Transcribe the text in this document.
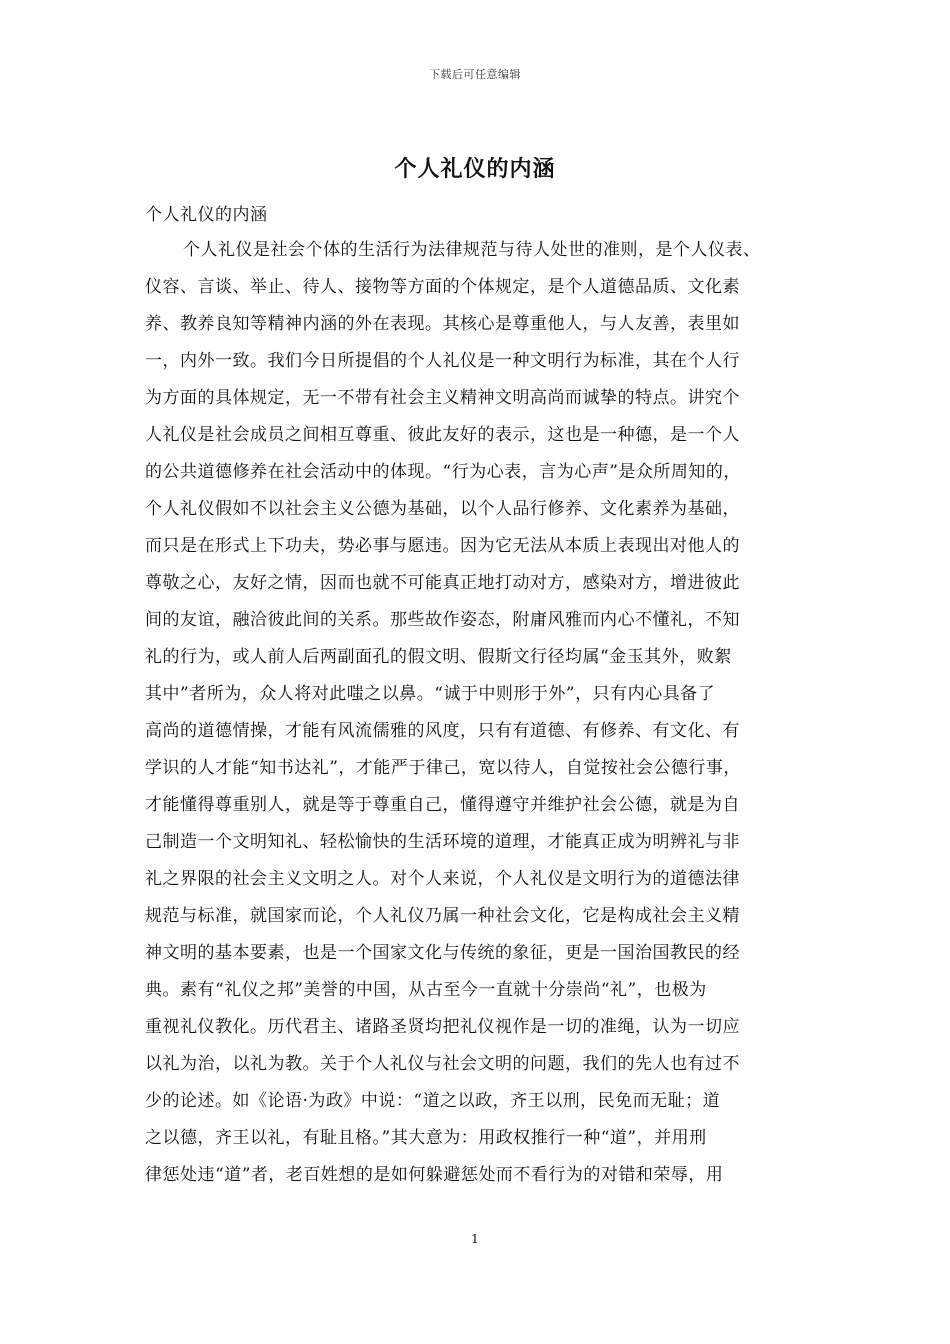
下载后可任意编辑
个人礼仪的内涵
个人礼仪的内涵
个人礼仪是社会个体的生活行为法律规范与待人处世的准则，是个人仪表、
仪容、言谈、举止、待人、接物等方面的个体规定，是个人道德品质、文化素
养、教养良知等精神内涵的外在表现。其核心是尊重他人，与人友善，表里如
一，内外一致。我们今日所提倡的个人礼仪是一种文明行为标准，其在个人行
为方面的具体规定，无一不带有社会主义精神文明高尚而诚挚的特点。讲究个
人礼仪是社会成员之间相互尊重、彼此友好的表示，这也是一种德，是一个人
的公共道德修养在社会活动中的体现。“行为心表，言为心声”是众所周知的，
个人礼仪假如不以社会主义公德为基础，以个人品行修养、文化素养为基础，
而只是在形式上下功夫，势必事与愿违。因为它无法从本质上表现出对他人的
尊敬之心，友好之情，因而也就不可能真正地打动对方，感染对方，增进彼此
间的友谊，融洽彼此间的关系。那些故作姿态，附庸风雅而内心不懂礼，不知
礼的行为，或人前人后两副面孔的假文明、假斯文行径均属“金玉其外，败絮
其中”者所为，众人将对此嗤之以鼻。“诚于中则形于外”，只有内心具备了
高尚的道德情操，才能有风流儒雅的风度，只有有道德、有修养、有文化、有
学识的人才能“知书达礼”，才能严于律己，宽以待人，自觉按社会公德行事，
才能懂得尊重别人，就是等于尊重自己，懂得遵守并维护社会公德，就是为自
己制造一个文明知礼、轻松愉快的生活环境的道理，才能真正成为明辨礼与非
礼之界限的社会主义文明之人。对个人来说，个人礼仪是文明行为的道德法律
规范与标准，就国家而论，个人礼仪乃属一种社会文化，它是构成社会主义精
神文明的基本要素，也是一个国家文化与传统的象征，更是一国治国教民的经
典。素有“礼仪之邦”美誉的中国，从古至今一直就十分崇尚“礼”，也极为
重视礼仪教化。历代君主、诸路圣贤均把礼仪视作是一切的准绳，认为一切应
以礼为治，以礼为教。关于个人礼仪与社会文明的问题，我们的先人也有过不
少的论述。如《论语·为政》中说：“道之以政，齐王以刑，民免而无耻；道
之以德，齐王以礼，有耻且格。”其大意为：用政权推行一种“道”，并用刑
律惩处违“道”者，老百姓想的是如何躲避惩处而不看行为的对错和荣辱，用
1
